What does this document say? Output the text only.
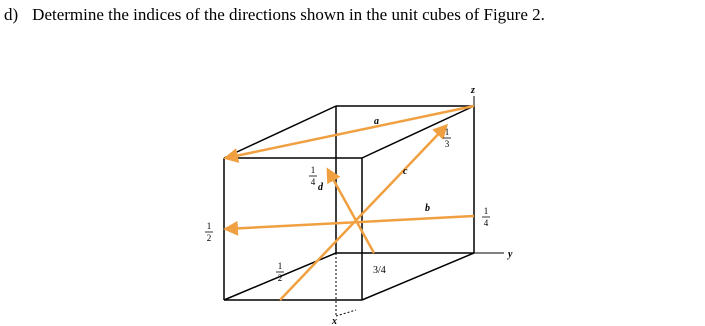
d) Determine the indices of the directions shown in the unit cubes of Figure 2.
a
b
c
d
z
y
x
1
2
1
4
1
3
1
4
1
2
3/4
